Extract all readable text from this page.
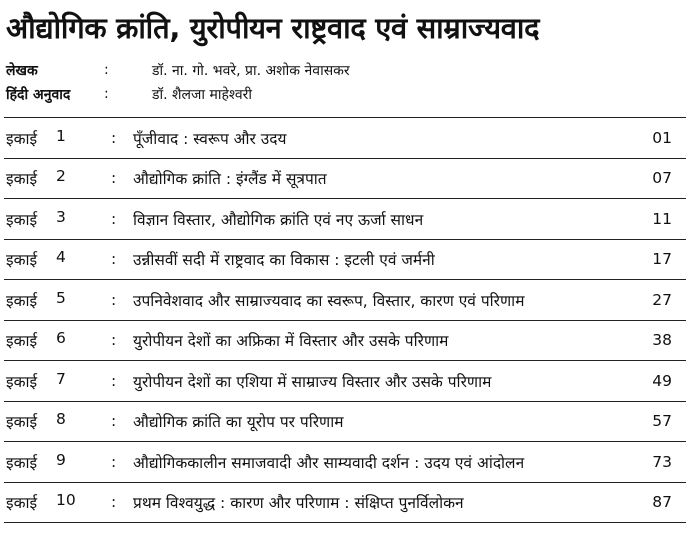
औद्योगिक क्रांति, युरोपीयन राष्ट्रवाद एवं साम्राज्यवाद
लेखक	:	डॉ. ना. गो. भवरे, प्रा. अशोक नेवासकर
हिंदी अनुवाद	:	डॉ. शैलजा माहेश्वरी
इकाई	1	:	पूँजीवाद : स्वरूप और उदय	01
इकाई	2	:	औद्योगिक क्रांति : इंग्लैंड में सूत्रपात	07
इकाई	3	:	विज्ञान विस्तार, औद्योगिक क्रांति एवं नए ऊर्जा साधन	11
इकाई	4	:	उन्नीसवीं सदी में राष्ट्रवाद का विकास : इटली एवं जर्मनी	17
इकाई	5	:	उपनिवेशवाद और साम्राज्यवाद का स्वरूप, विस्तार, कारण एवं परिणाम	27
इकाई	6	:	युरोपीयन देशों का अफ्रिका में विस्तार और उसके परिणाम	38
इकाई	7	:	युरोपीयन देशों का एशिया में साम्राज्य विस्तार और उसके परिणाम	49
इकाई	8	:	औद्योगिक क्रांति का यूरोप पर परिणाम	57
इकाई	9	:	औद्योगिककालीन समाजवादी और साम्यवादी दर्शन : उदय एवं आंदोलन	73
इकाई	10	:	प्रथम विश्वयुद्ध : कारण और परिणाम : संक्षिप्त पुनर्विलोकन	87
